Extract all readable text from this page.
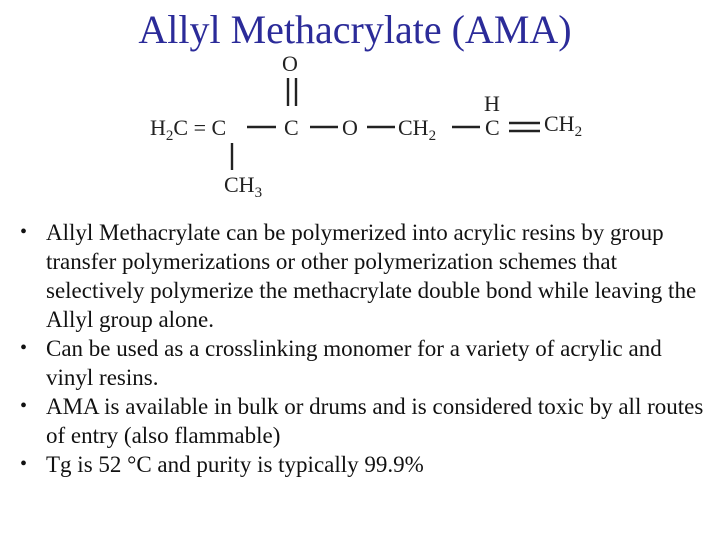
Allyl Methacrylate (AMA)
O
$H_2C = C$	C O $CH_2$
H
C $CH_2$
$CH_3$
• Allyl Methacrylate can be polymerized into acrylic resins by group transfer polymerizations or other polymerization schemes that selectively polymerize the methacrylate double bond while leaving the Allyl group alone.
• Can be used as a crosslinking monomer for a variety of acrylic and vinyl resins.
• AMA is available in bulk or drums and is considered toxic by all routes of entry (also flammable)
• Tg is 52 °C and purity is typically 99.9%
